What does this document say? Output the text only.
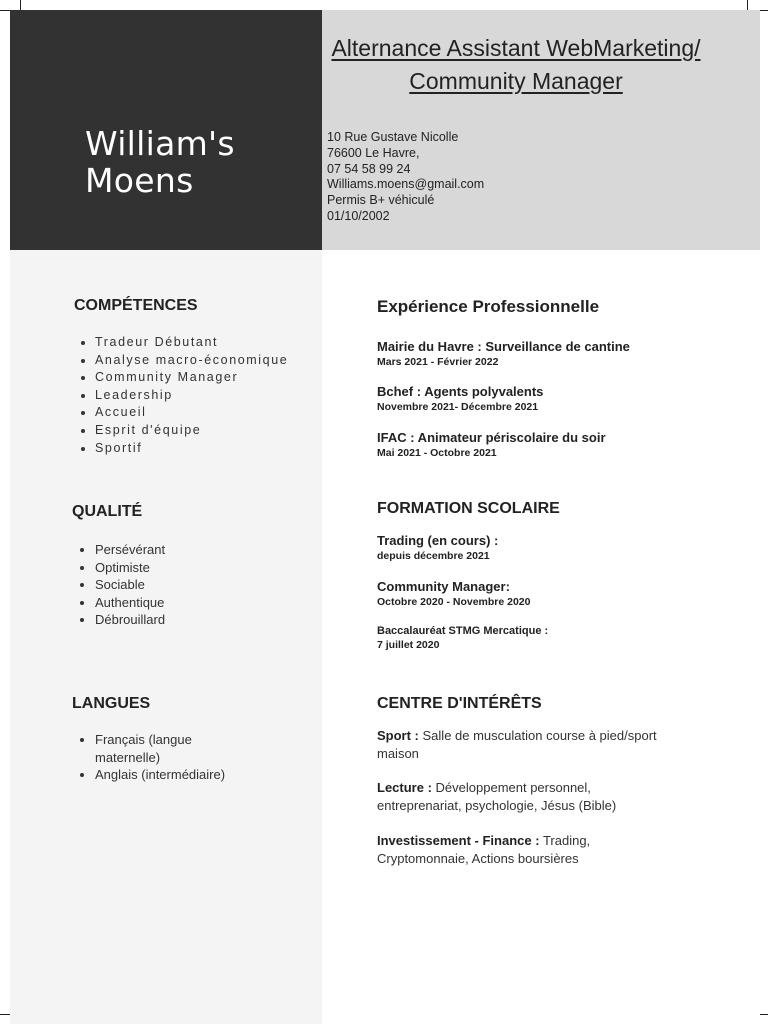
William's
Moens
Alternance Assistant WebMarketing/
Community Manager
10 Rue Gustave Nicolle
76600 Le Havre,
07 54 58 99 24
Williams.moens@gmail.com
Permis B+ véhiculé
01/10/2002
COMPÉTENCES
• Tradeur Débutant
• Analyse macro-économique
• Community Manager
• Leadership
• Accueil
• Esprit d'équipe
• Sportif
QUALITÉ
• Persévérant
• Optimiste
• Sociable
• Authentique
• Débrouillard
LANGUES
• Français (langue maternelle)
• Anglais (intermédiaire)
Expérience Professionnelle
Mairie du Havre : Surveillance de cantine
Mars 2021 - Février 2022
Bchef : Agents polyvalents
Novembre 2021- Décembre 2021
IFAC : Animateur périscolaire du soir
Mai 2021 - Octobre 2021
FORMATION SCOLAIRE
Trading (en cours) :
depuis décembre 2021
Community Manager:
Octobre 2020 - Novembre 2020
Baccalauréat STMG Mercatique :
7 juillet 2020
CENTRE D'INTÉRÊTS

Sport : Salle de musculation course à pied/sport maison

Lecture : Développement personnel, entreprenariat, psychologie, Jésus (Bible)

Investissement - Finance : Trading, Cryptomonnaie, Actions boursières
